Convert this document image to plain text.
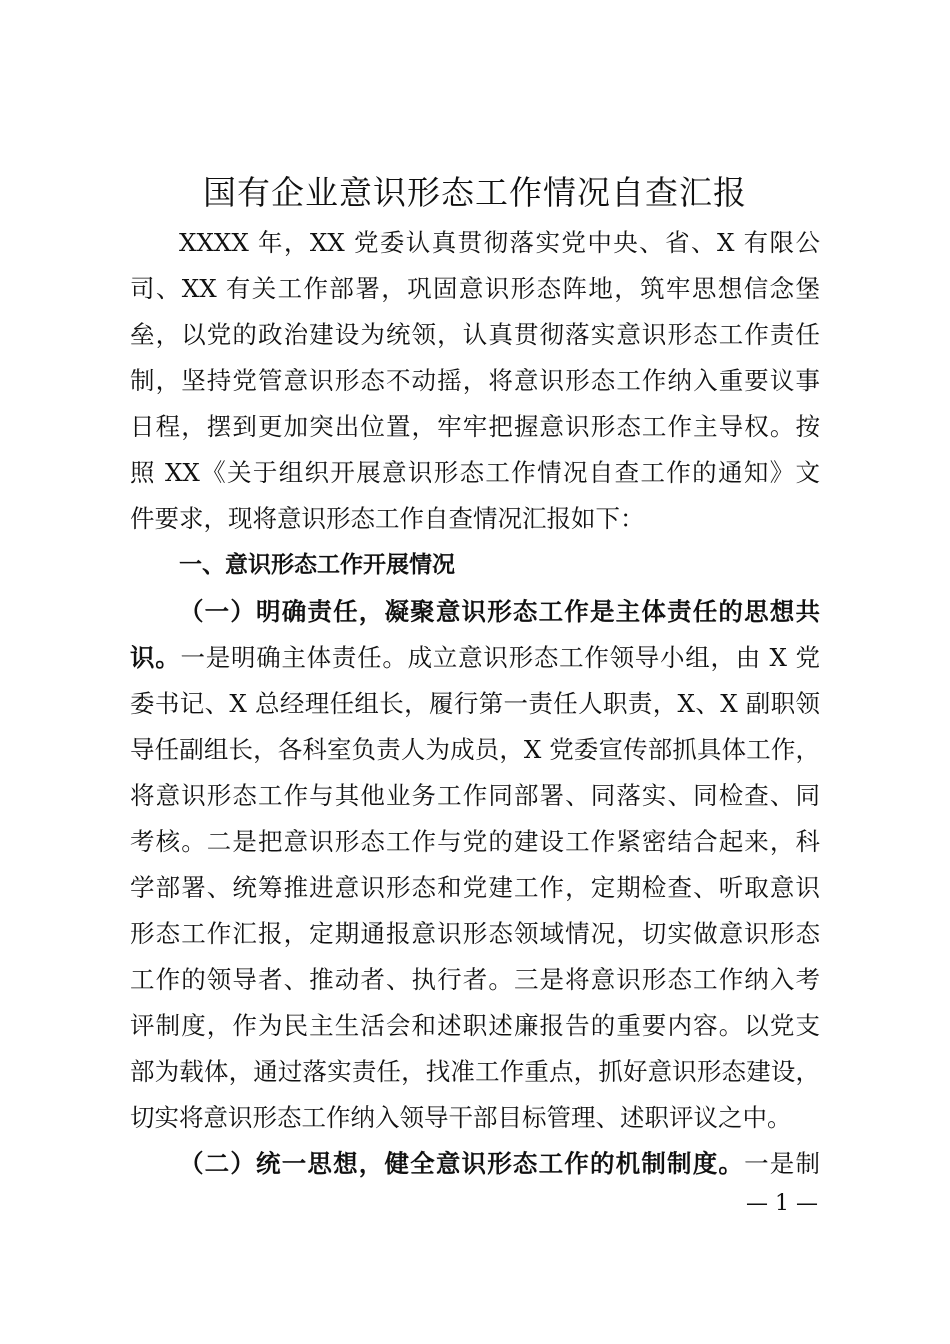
国有企业意识形态工作情况自查汇报
XXXX 年，XX 党委认真贯彻落实党中央、省、X 有限公
司、XX 有关工作部署，巩固意识形态阵地，筑牢思想信念堡
垒，以党的政治建设为统领，认真贯彻落实意识形态工作责任
制，坚持党管意识形态不动摇，将意识形态工作纳入重要议事
日程，摆到更加突出位置，牢牢把握意识形态工作主导权。按
照 XX《关于组织开展意识形态工作情况自查工作的通知》文
件要求，现将意识形态工作自查情况汇报如下：
一、意识形态工作开展情况
（一）明确责任，凝聚意识形态工作是主体责任的思想共
识。一是明确主体责任。成立意识形态工作领导小组，由 X 党
委书记、X 总经理任组长，履行第一责任人职责，X、X 副职领
导任副组长，各科室负责人为成员，X 党委宣传部抓具体工作，
将意识形态工作与其他业务工作同部署、同落实、同检查、同
考核。二是把意识形态工作与党的建设工作紧密结合起来，科
学部署、统筹推进意识形态和党建工作，定期检查、听取意识
形态工作汇报，定期通报意识形态领域情况，切实做意识形态
工作的领导者、推动者、执行者。三是将意识形态工作纳入考
评制度，作为民主生活会和述职述廉报告的重要内容。以党支
部为载体，通过落实责任，找准工作重点，抓好意识形态建设，
切实将意识形态工作纳入领导干部目标管理、述职评议之中。
（二）统一思想，健全意识形态工作的机制制度。一是制
— 1 —
